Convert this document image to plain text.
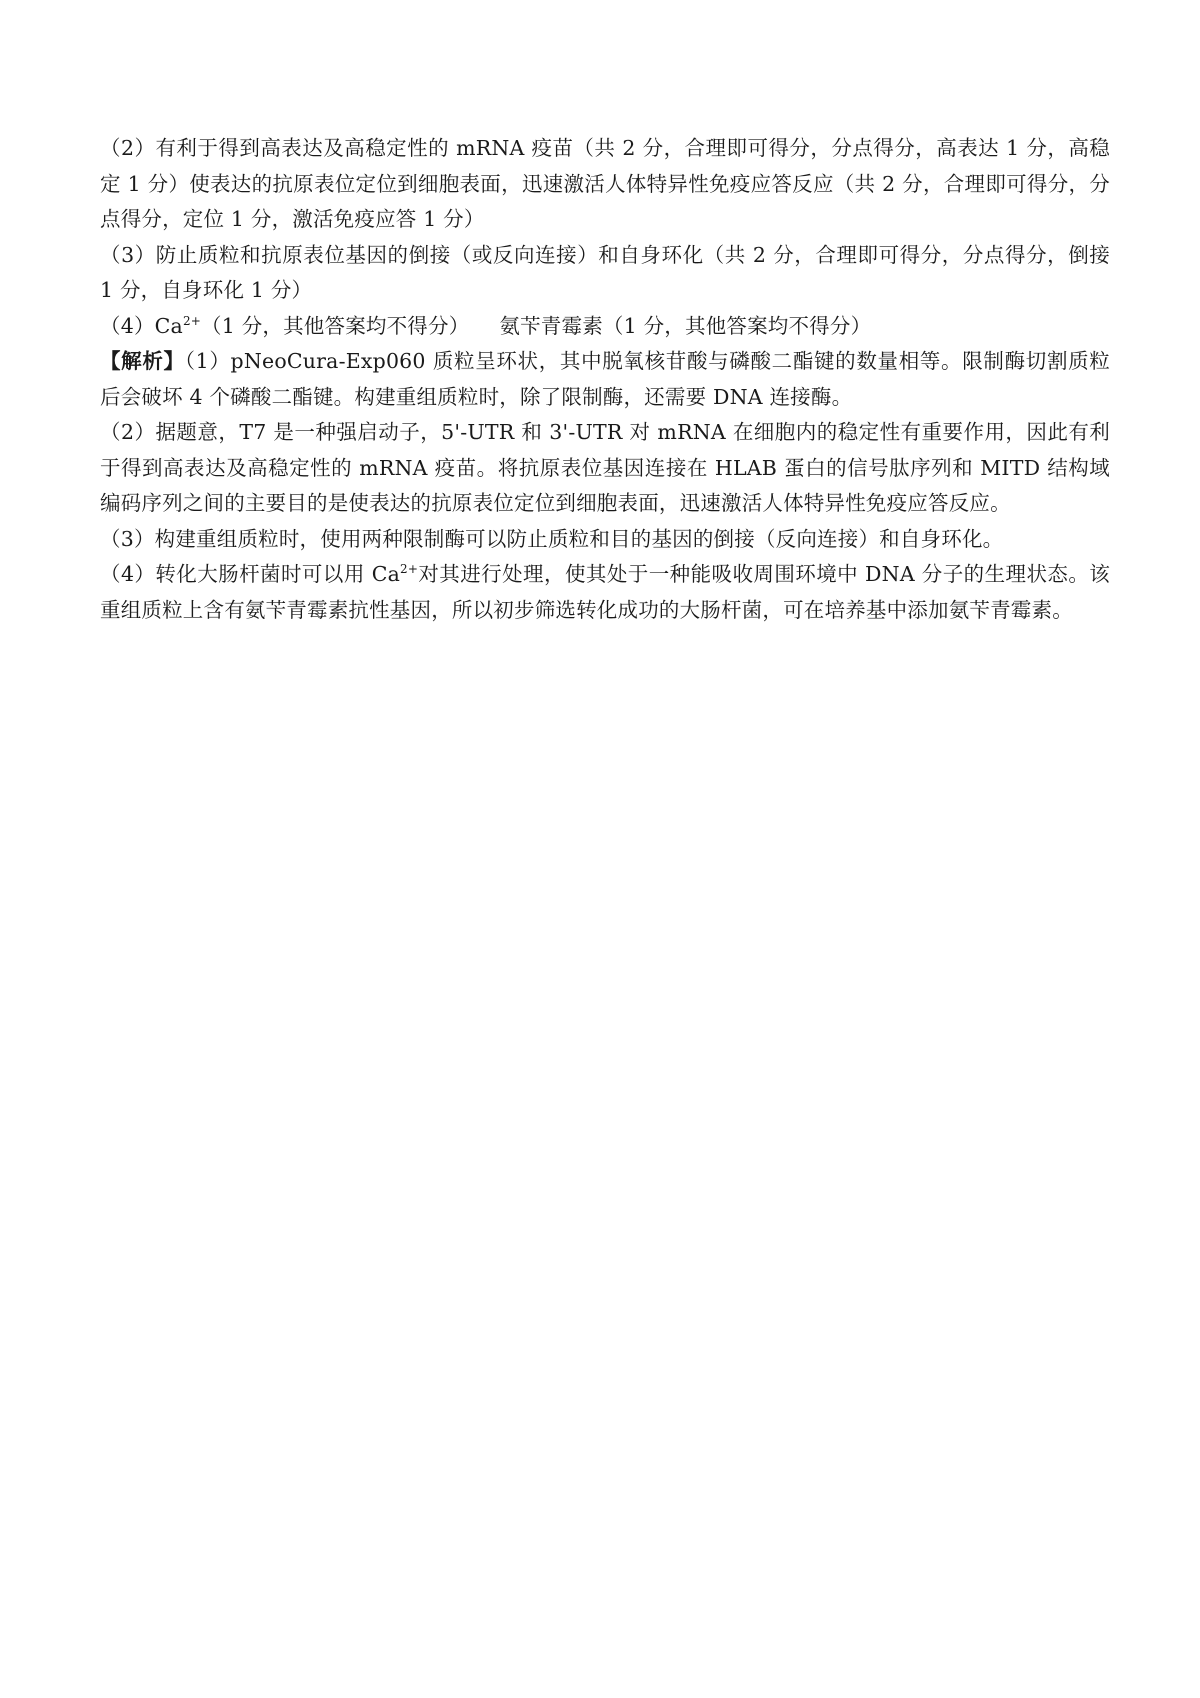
（2）有利于得到高表达及高稳定性的 mRNA 疫苗（共 2 分，合理即可得分，分点得分，高表达 1 分，高稳定 1 分）使表达的抗原表位定位到细胞表面，迅速激活人体特异性免疫应答反应（共 2 分，合理即可得分，分点得分，定位 1 分，激活免疫应答 1 分）

（3）防止质粒和抗原表位基因的倒接（或反向连接）和自身环化（共 2 分，合理即可得分，分点得分，倒接 1 分，自身环化 1 分）

$(4)Ca^{2+}(1$ 分，其他答案均不得分） 氨苄青霉素（1 分，其他答案均不得分）

【解析】（1）pNeoCura-Exp060 质粒呈环状，其中脱氧核苷酸与磷酸二酯键的数量相等。限制酶切割质粒后会破坏 4 个磷酸二酯键。构建重组质粒时，除了限制酶，还需要 DNA 连接酶。

（2）据题意，T7 是一种强启动子，5'-UTR 和 3'-UTR 对 mRNA 在细胞内的稳定性有重要作用，因此有利于得到高表达及高稳定性的 mRNA 疫苗。将抗原表位基因连接在 HLAB 蛋白的信号肽序列和 MITD 结构域编码序列之间的主要目的是使表达的抗原表位定位到细胞表面，迅速激活人体特异性免疫应答反应。

（3）构建重组质粒时，使用两种限制酶可以防止质粒和目的基因的倒接（反向连接）和自身环化。

（4）转化大肠杆菌时可以用 $Ca^{2+}$对其进行处理，使其处于一种能吸收周围环境中 DNA 分子的生理状态。该重组质粒上含有氨苄青霉素抗性基因，所以初步筛选转化成功的大肠杆菌，可在培养基中添加氨苄青霉素。
